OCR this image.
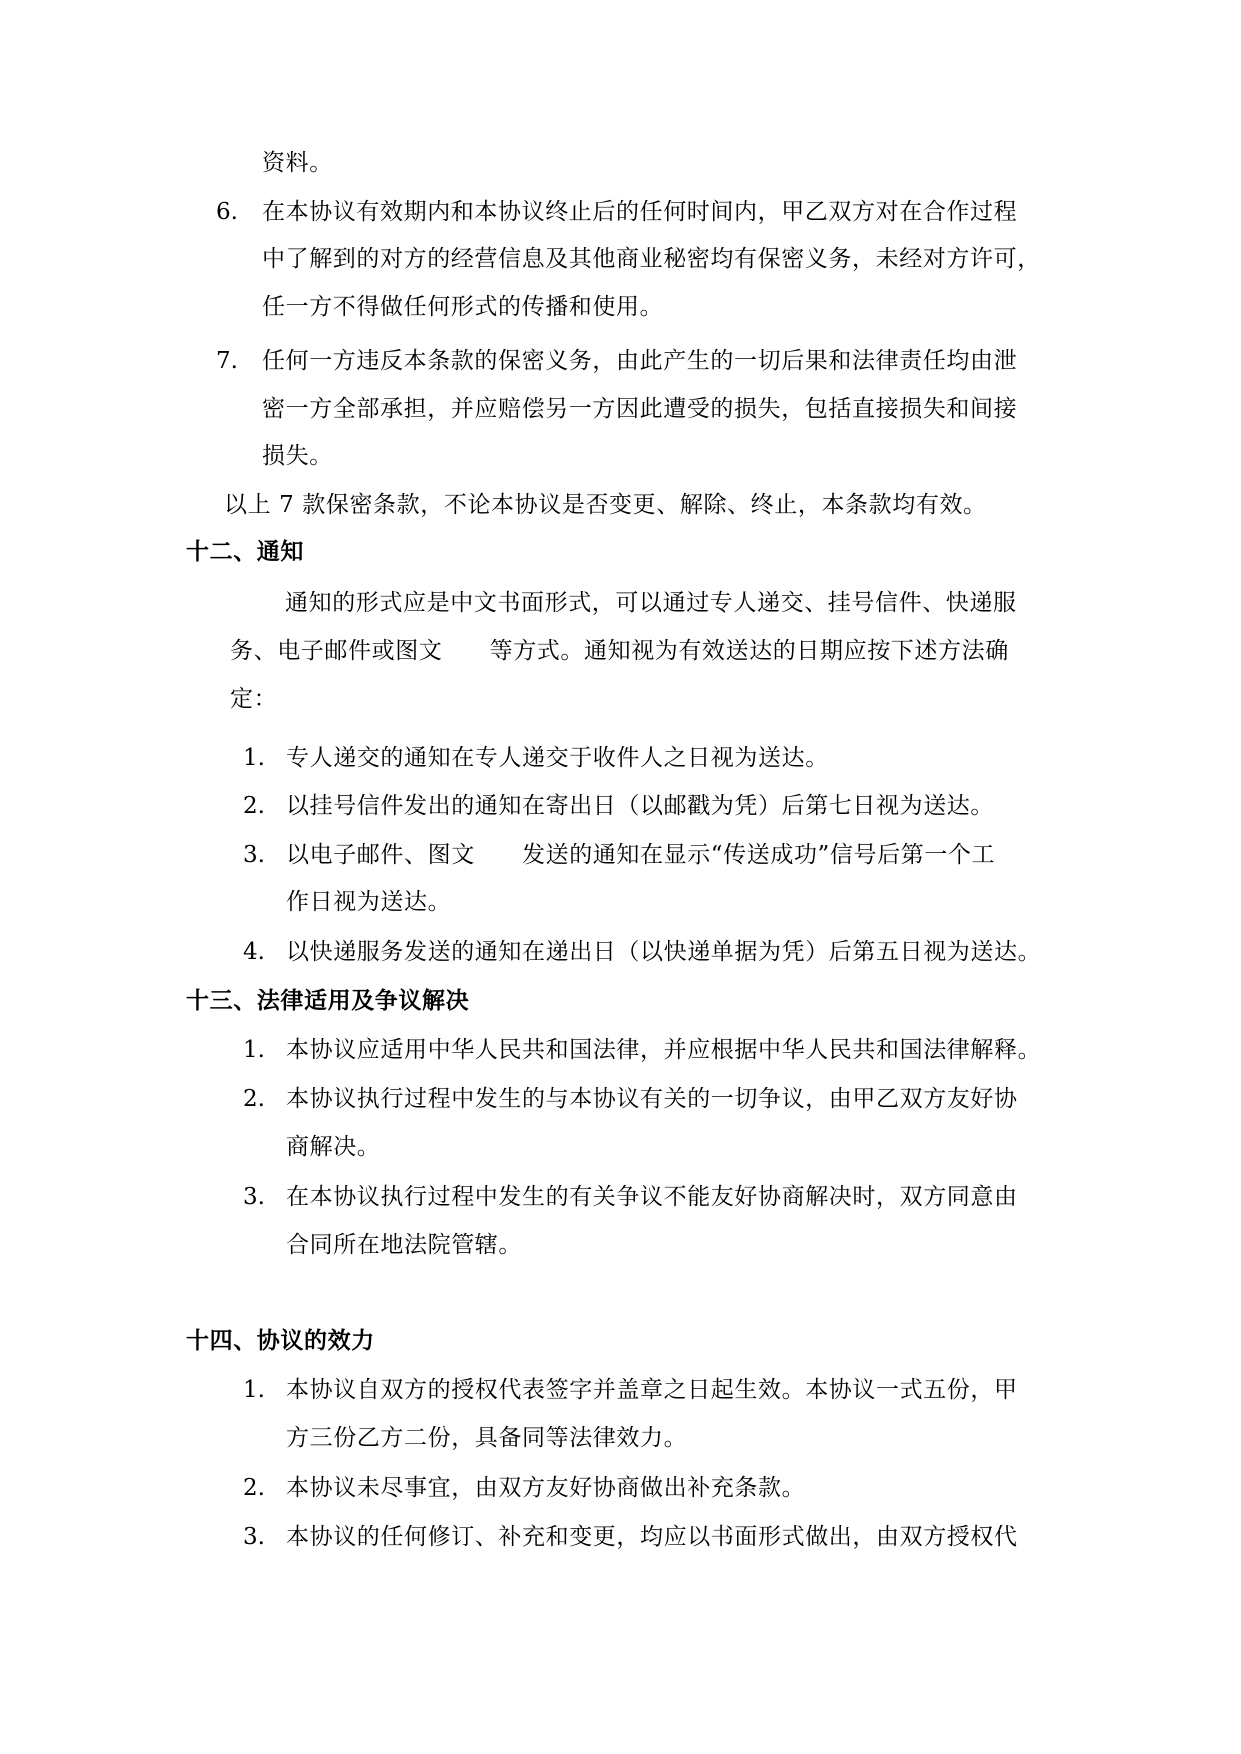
资料。
6. 在本协议有效期内和本协议终止后的任何时间内，甲乙双方对在合作过程
中了解到的对方的经营信息及其他商业秘密均有保密义务，未经对方许可，
任一方不得做任何形式的传播和使用。
7. 任何一方违反本条款的保密义务，由此产生的一切后果和法律责任均由泄
密一方全部承担，并应赔偿另一方因此遭受的损失，包括直接损失和间接
损失。
以上 7 款保密条款，不论本协议是否变更、解除、终止，本条款均有效。
十二、通知
通知的形式应是中文书面形式，可以通过专人递交、挂号信件、快递服
务、电子邮件或图文　　等方式。通知视为有效送达的日期应按下述方法确
定：
1. 专人递交的通知在专人递交于收件人之日视为送达。
2. 以挂号信件发出的通知在寄出日（以邮戳为凭）后第七日视为送达。
3. 以电子邮件、图文　　发送的通知在显示“传送成功”信号后第一个工
作日视为送达。
4. 以快递服务发送的通知在递出日（以快递单据为凭）后第五日视为送达。
十三、法律适用及争议解决
1. 本协议应适用中华人民共和国法律，并应根据中华人民共和国法律解释。
2. 本协议执行过程中发生的与本协议有关的一切争议，由甲乙双方友好协
商解决。
3. 在本协议执行过程中发生的有关争议不能友好协商解决时，双方同意由
合同所在地法院管辖。
十四、协议的效力
1. 本协议自双方的授权代表签字并盖章之日起生效。本协议一式五份，甲
方三份乙方二份，具备同等法律效力。
2. 本协议未尽事宜，由双方友好协商做出补充条款。
3. 本协议的任何修订、补充和变更，均应以书面形式做出，由双方授权代
